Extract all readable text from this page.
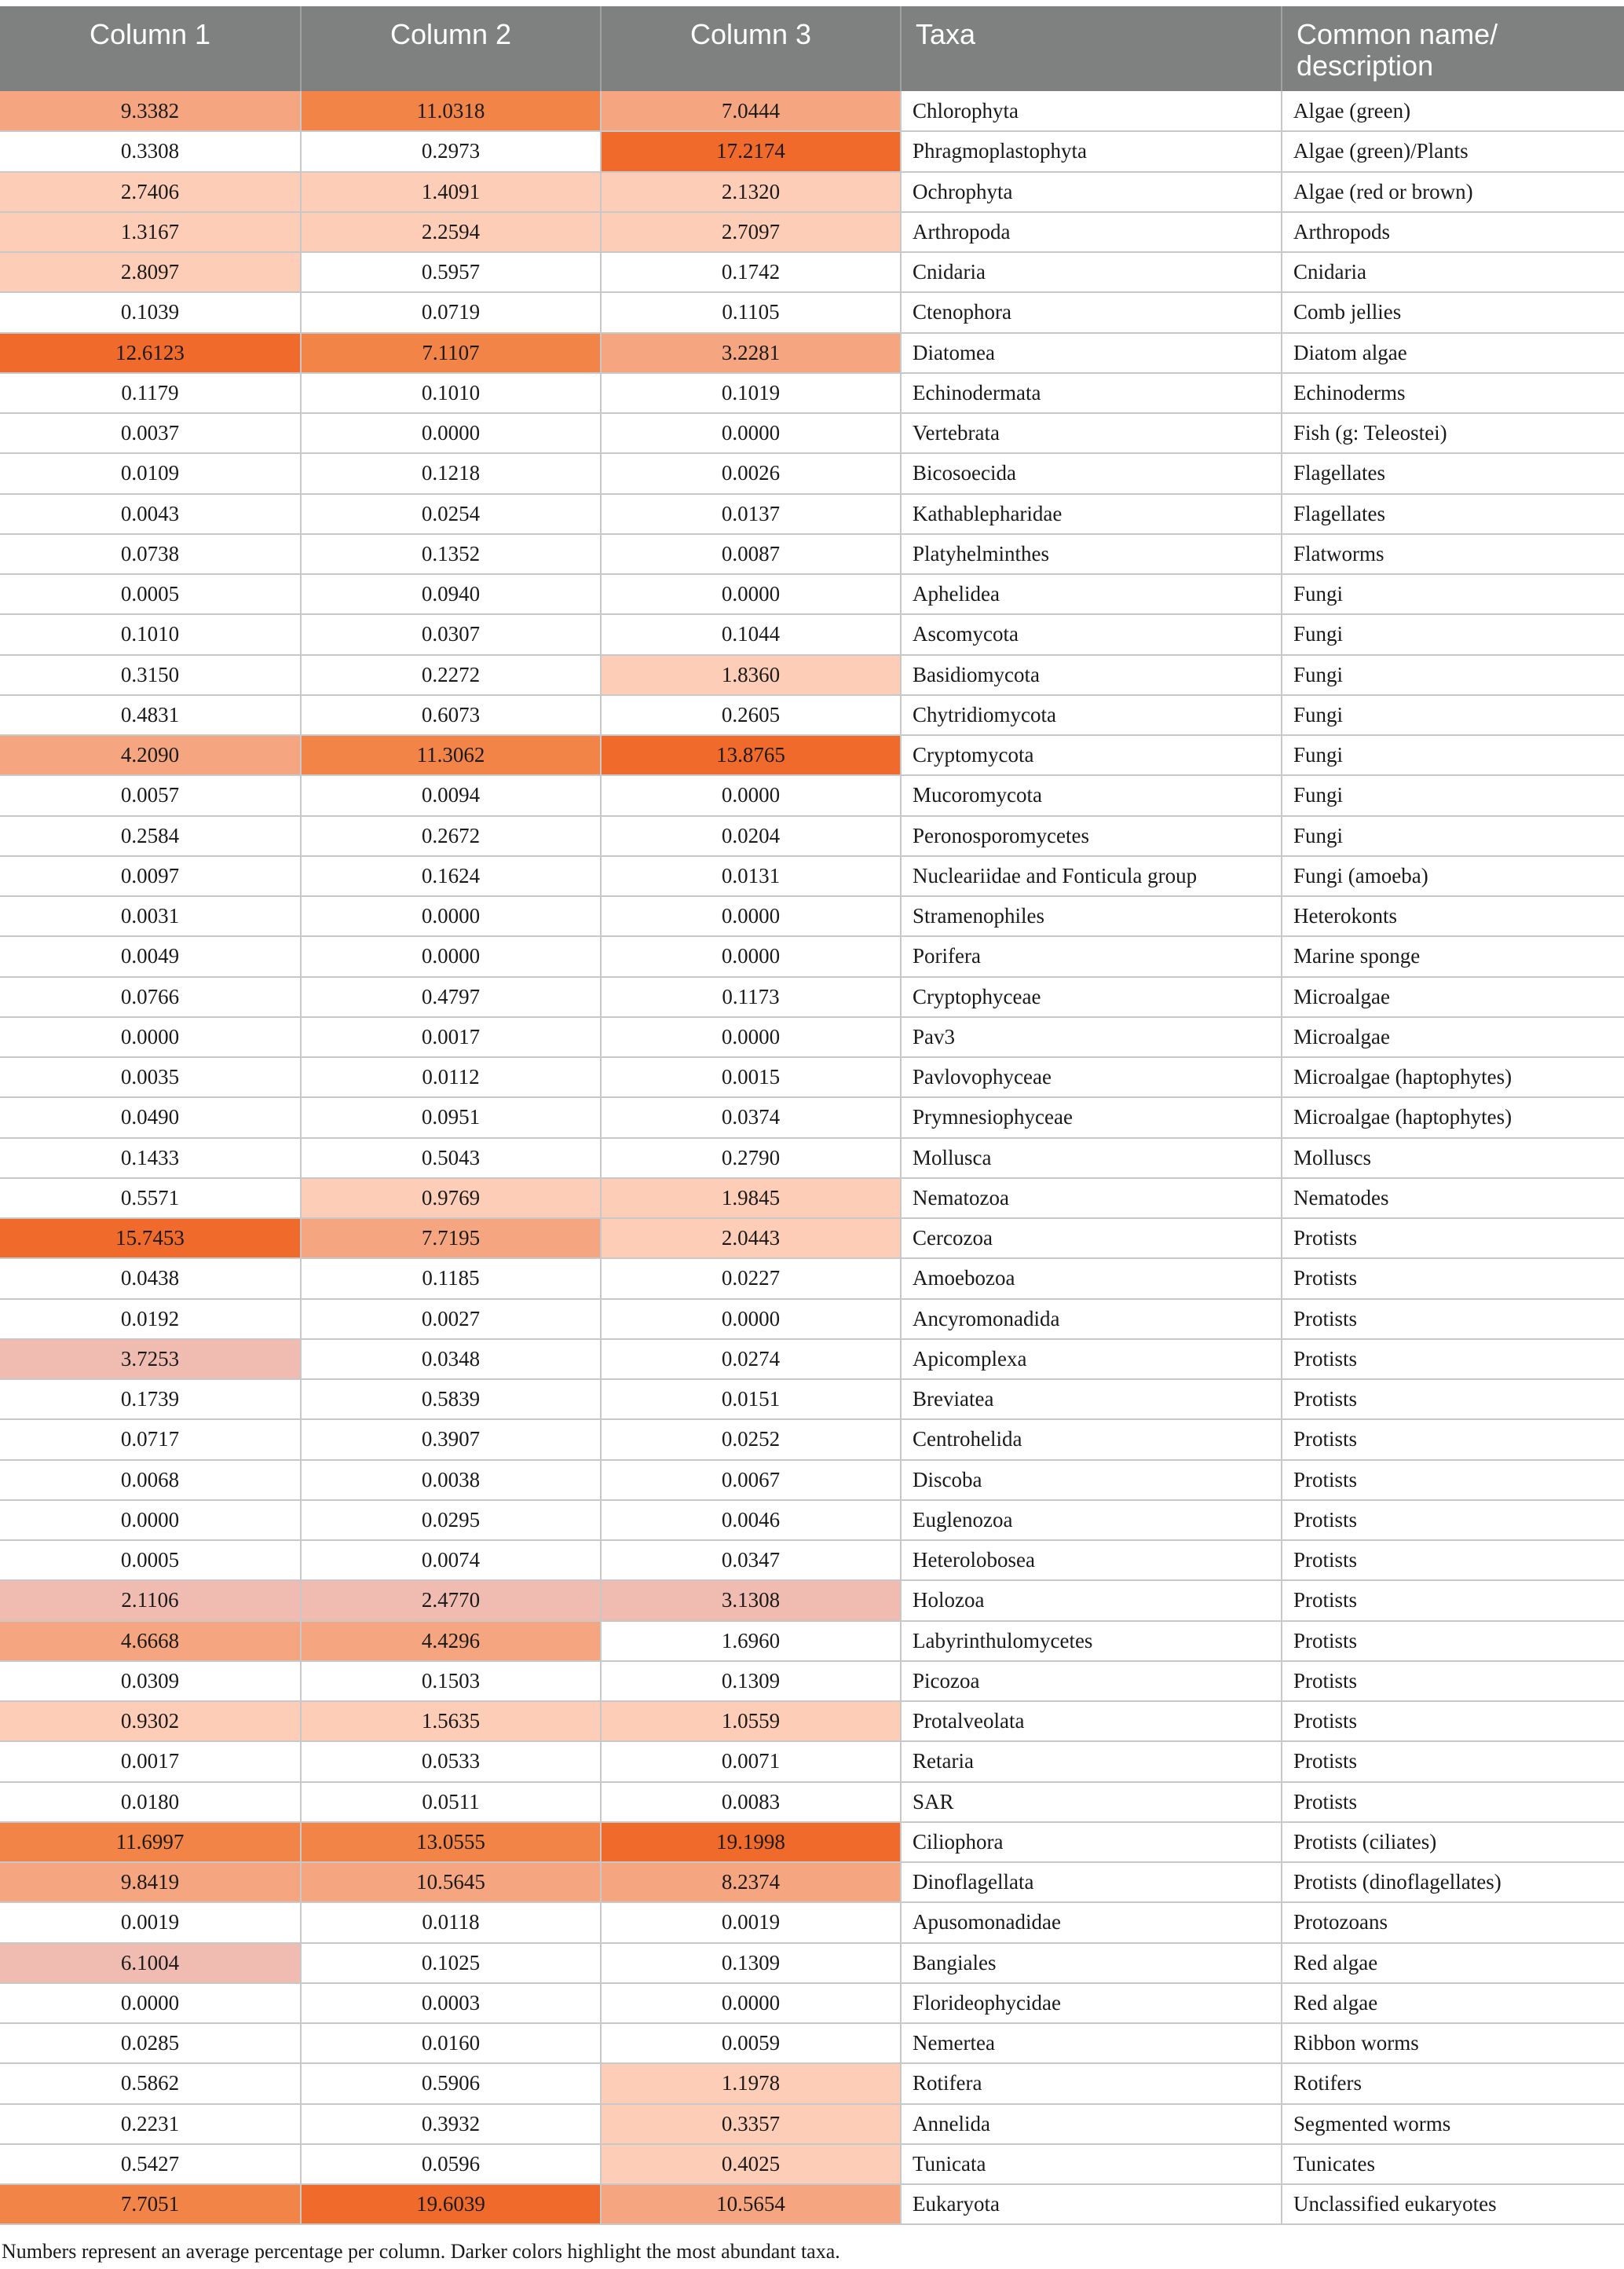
Column 1	Column 2	Column 3	Taxa	Common name/
description
9.3382	11.0318	7.0444	Chlorophyta	Algae (green)
0.3308	0.2973	17.2174	Phragmoplastophyta	Algae (green)/Plants
2.7406	1.4091	2.1320	Ochrophyta	Algae (red or brown)
1.3167	2.2594	2.7097	Arthropoda	Arthropods
2.8097	0.5957	0.1742	Cnidaria	Cnidaria
0.1039	0.0719	0.1105	Ctenophora	Comb jellies
12.6123	7.1107	3.2281	Diatomea	Diatom algae
0.1179	0.1010	0.1019	Echinodermata	Echinoderms
0.0037	0.0000	0.0000	Vertebrata	Fish (g: Teleostei)
0.0109	0.1218	0.0026	Bicosoecida	Flagellates
0.0043	0.0254	0.0137	Kathablepharidae	Flagellates
0.0738	0.1352	0.0087	Platyhelminthes	Flatworms
0.0005	0.0940	0.0000	Aphelidea	Fungi
0.1010	0.0307	0.1044	Ascomycota	Fungi
0.3150	0.2272	1.8360	Basidiomycota	Fungi
0.4831	0.6073	0.2605	Chytridiomycota	Fungi
4.2090	11.3062	13.8765	Cryptomycota	Fungi
0.0057	0.0094	0.0000	Mucoromycota	Fungi
0.2584	0.2672	0.0204	Peronosporomycetes	Fungi
0.0097	0.1624	0.0131	Nucleariidae and Fonticula group	Fungi (amoeba)
0.0031	0.0000	0.0000	Stramenophiles	Heterokonts
0.0049	0.0000	0.0000	Porifera	Marine sponge
0.0766	0.4797	0.1173	Cryptophyceae	Microalgae
0.0000	0.0017	0.0000	Pav3	Microalgae
0.0035	0.0112	0.0015	Pavlovophyceae	Microalgae (haptophytes)
0.0490	0.0951	0.0374	Prymnesiophyceae	Microalgae (haptophytes)
0.1433	0.5043	0.2790	Mollusca	Molluscs
0.5571	0.9769	1.9845	Nematozoa	Nematodes
15.7453	7.7195	2.0443	Cercozoa	Protists
0.0438	0.1185	0.0227	Amoebozoa	Protists
0.0192	0.0027	0.0000	Ancyromonadida	Protists
3.7253	0.0348	0.0274	Apicomplexa	Protists
0.1739	0.5839	0.0151	Breviatea	Protists
0.0717	0.3907	0.0252	Centrohelida	Protists
0.0068	0.0038	0.0067	Discoba	Protists
0.0000	0.0295	0.0046	Euglenozoa	Protists
0.0005	0.0074	0.0347	Heterolobosea	Protists
2.1106	2.4770	3.1308	Holozoa	Protists
4.6668	4.4296	1.6960	Labyrinthulomycetes	Protists
0.0309	0.1503	0.1309	Picozoa	Protists
0.9302	1.5635	1.0559	Protalveolata	Protists
0.0017	0.0533	0.0071	Retaria	Protists
0.0180	0.0511	0.0083	SAR	Protists
11.6997	13.0555	19.1998	Ciliophora	Protists (ciliates)
9.8419	10.5645	8.2374	Dinoflagellata	Protists (dinoflagellates)
0.0019	0.0118	0.0019	Apusomonadidae	Protozoans
6.1004	0.1025	0.1309	Bangiales	Red algae
0.0000	0.0003	0.0000	Florideophycidae	Red algae
0.0285	0.0160	0.0059	Nemertea	Ribbon worms
0.5862	0.5906	1.1978	Rotifera	Rotifers
0.2231	0.3932	0.3357	Annelida	Segmented worms
0.5427	0.0596	0.4025	Tunicata	Tunicates
7.7051	19.6039	10.5654	Eukaryota	Unclassified eukaryotes
Numbers represent an average percentage per column. Darker colors highlight the most abundant taxa.
